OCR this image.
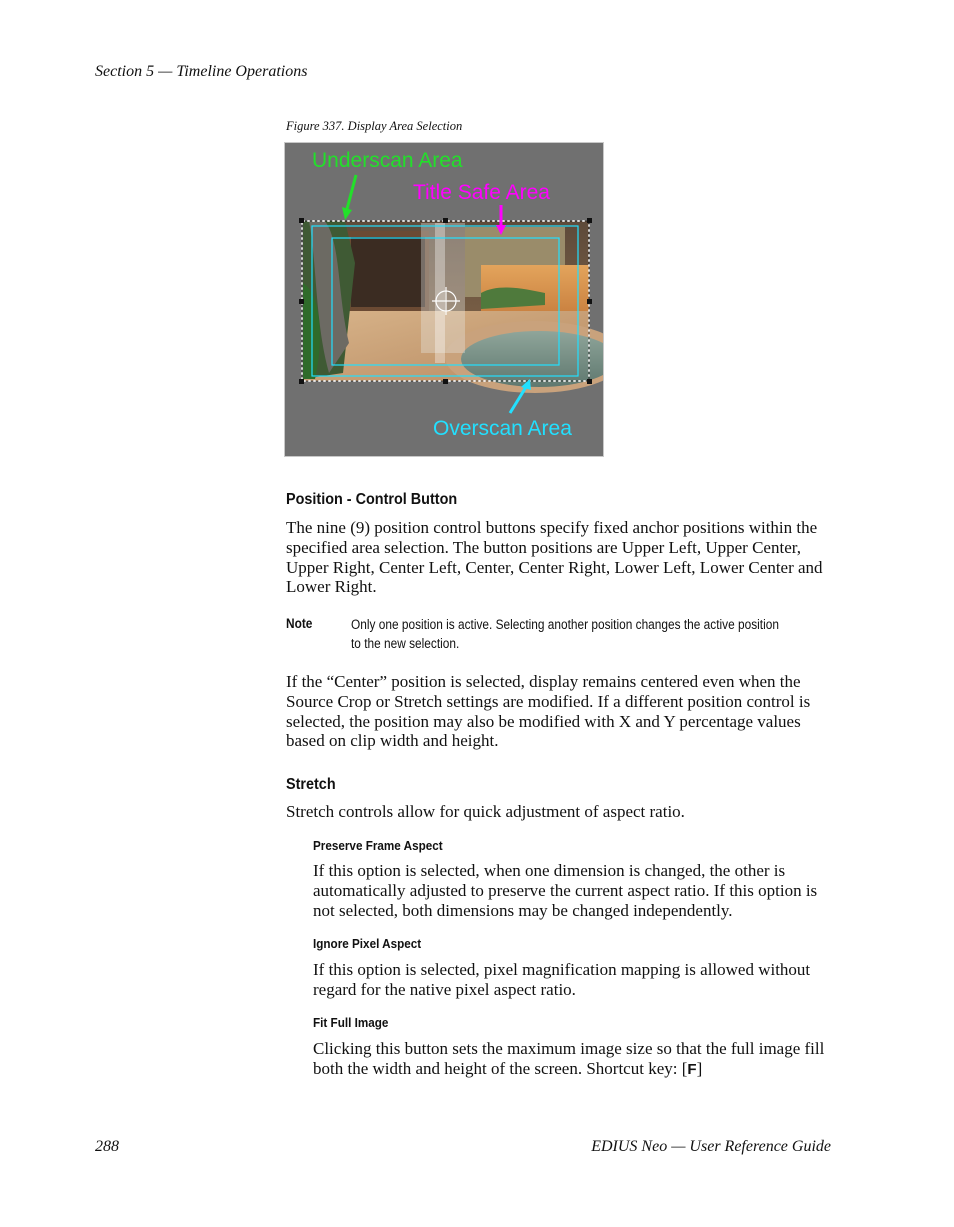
Section 5 — Timeline Operations
Figure 337. Display Area Selection
Underscan Area
Title Safe Area
Overscan Area
Position - Control Button

The nine (9) position control buttons specify fixed anchor positions within the specified area selection. The button positions are Upper Left, Upper Center, Upper Right, Center Left, Center, Center Right, Lower Left, Lower Center and Lower Right.

Note	Only one position is active. Selecting another position changes the active position to the new selection.

If the “Center” position is selected, display remains centered even when the Source Crop or Stretch settings are modified. If a different position control is selected, the position may also be modified with X and Y percentage values based on clip width and height.

Stretch

Stretch controls allow for quick adjustment of aspect ratio.

Preserve Frame Aspect

If this option is selected, when one dimension is changed, the other is automatically adjusted to preserve the current aspect ratio. If this option is not selected, both dimensions may be changed independently.

Ignore Pixel Aspect

If this option is selected, pixel magnification mapping is allowed without regard for the native pixel aspect ratio.

Fit Full Image

Clicking this button sets the maximum image size so that the full image fill both the width and height of the screen. Shortcut key: [F]

288	EDIUS Neo — User Reference Guide
